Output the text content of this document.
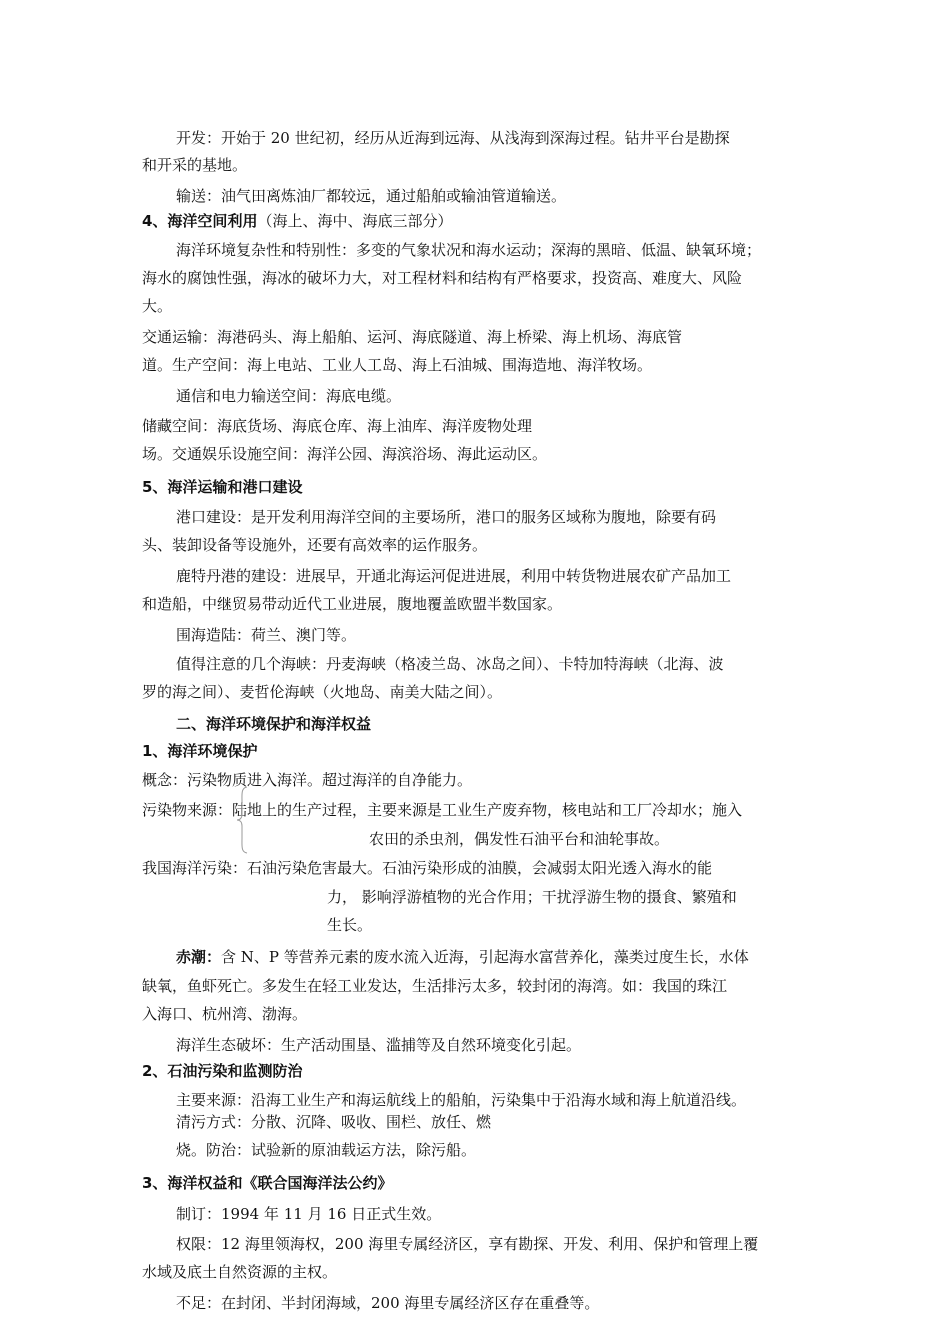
开发：开始于 20 世纪初，经历从近海到远海、从浅海到深海过程。钻井平台是勘探
和开采的基地。
输送：油气田离炼油厂都较远，通过船舶或输油管道输送。
4、海洋空间利用（海上、海中、海底三部分）
海洋环境复杂性和特别性：多变的气象状况和海水运动；深海的黑暗、低温、缺氧环境；
海水的腐蚀性强，海冰的破坏力大，对工程材料和结构有严格要求，投资高、难度大、风险
大。
交通运输：海港码头、海上船舶、运河、海底隧道、海上桥梁、海上机场、海底管
道。生产空间：海上电站、工业人工岛、海上石油城、围海造地、海洋牧场。
通信和电力输送空间：海底电缆。
储藏空间：海底货场、海底仓库、海上油库、海洋废物处理
场。交通娱乐设施空间：海洋公园、海滨浴场、海此运动区。
5、海洋运输和港口建设
港口建设：是开发利用海洋空间的主要场所，港口的服务区域称为腹地，除要有码
头、装卸设备等设施外，还要有高效率的运作服务。
鹿特丹港的建设：进展早，开通北海运河促进进展，利用中转货物进展农矿产品加工
和造船，中继贸易带动近代工业进展，腹地覆盖欧盟半数国家。
围海造陆：荷兰、澳门等。
值得注意的几个海峡：丹麦海峡（格凌兰岛、冰岛之间）、卡特加特海峡（北海、波
罗的海之间）、麦哲伦海峡（火地岛、南美大陆之间）。
二、海洋环境保护和海洋权益
1、海洋环境保护
概念：污染物质进入海洋。超过海洋的自净能力。
污染物来源：陆地上的生产过程，主要来源是工业生产废弃物，核电站和工厂冷却水；施入
农田的杀虫剂，偶发性石油平台和油轮事故。
我国海洋污染：石油污染危害最大。石油污染形成的油膜，会减弱太阳光透入海水的能
力， 影响浮游植物的光合作用；干扰浮游生物的摄食、繁殖和
生长。
赤潮：含 N、P 等营养元素的废水流入近海，引起海水富营养化，藻类过度生长，水体
缺氧，鱼虾死亡。多发生在轻工业发达，生活排污太多，较封闭的海湾。如：我国的珠江
入海口、杭州湾、渤海。
海洋生态破坏：生产活动围垦、滥捕等及自然环境变化引起。
2、石油污染和监测防治
主要来源：沿海工业生产和海运航线上的船舶，污染集中于沿海水域和海上航道沿线。
清污方式：分散、沉降、吸收、围栏、放任、燃
烧。防治：试验新的原油载运方法，除污船。
3、海洋权益和《联合国海洋法公约》
制订：1994 年 11 月 16 日正式生效。
权限：12 海里领海权，200 海里专属经济区，享有勘探、开发、利用、保护和管理上覆
水域及底土自然资源的主权。
不足：在封闭、半封闭海域，200 海里专属经济区存在重叠等。
